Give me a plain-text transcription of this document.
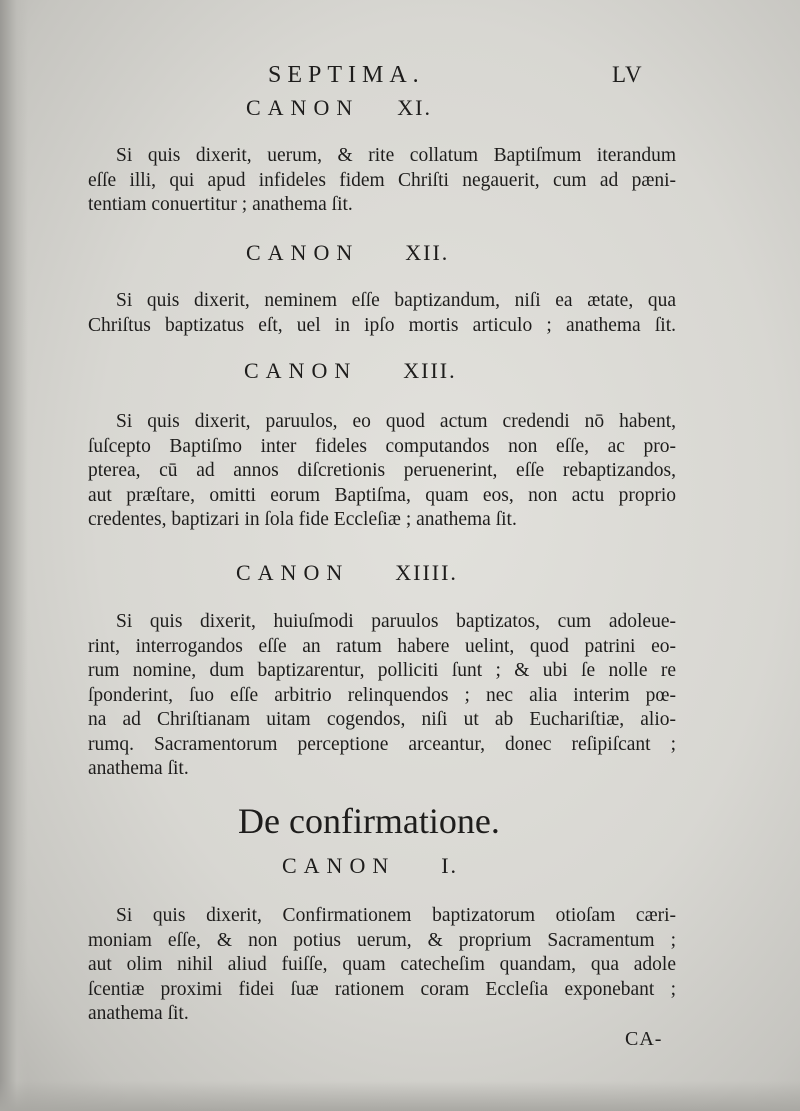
SEPTIMA.	LV
CANON XI.
Si quis dixerit, uerum, & rite collatum Baptiſmum iterandum
eſſe illi, qui apud infideles fidem Chriſti negauerit, cum ad pæni-
tentiam conuertitur ; anathema ſit.
CANON XII.
Si quis dixerit, neminem eſſe baptizandum, niſi ea ætate, qua
Chriſtus baptizatus eſt, uel in ipſo mortis articulo ; anathema ſit.
CANON XIII.
Si quis dixerit, paruulos, eo quod actum credendi nō habent,
ſuſcepto Baptiſmo inter fideles computandos non eſſe, ac pro-
pterea, cū ad annos diſcretionis peruenerint, eſſe rebaptizandos,
aut præſtare, omitti eorum Baptiſma, quam eos, non actu proprio
credentes, baptizari in ſola fide Eccleſiæ ; anathema ſit.
CANON XIIII.
Si quis dixerit, huiuſmodi paruulos baptizatos, cum adoleue-
rint, interrogandos eſſe an ratum habere uelint, quod patrini eo-
rum nomine, dum baptizarentur, polliciti ſunt ; & ubi ſe nolle re
ſponderint, ſuo eſſe arbitrio relinquendos ; nec alia interim pœ-
na ad Chriſtianam uitam cogendos, niſi ut ab Euchariſtiæ, alio-
rumq. Sacramentorum perceptione arceantur, donec reſipiſcant ;
anathema ſit.
De confirmatione.
CANON I.
Si quis dixerit, Confirmationem baptizatorum otioſam cæri-
moniam eſſe, & non potius uerum, & proprium Sacramentum ;
aut olim nihil aliud fuiſſe, quam catecheſim quandam, qua adole
ſcentiæ proximi fidei ſuæ rationem coram Eccleſia exponebant ;
anathema ſit.
CA-
